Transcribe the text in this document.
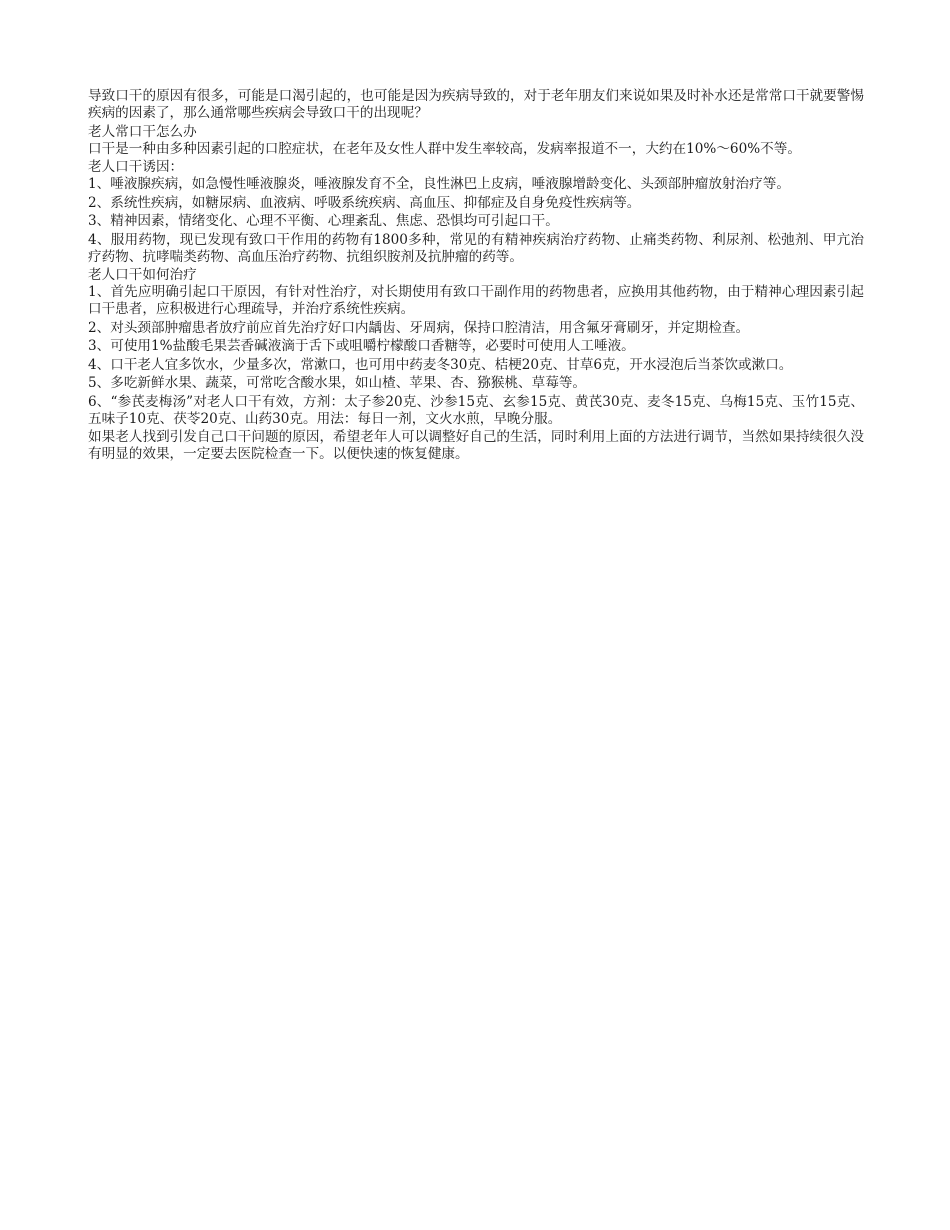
导致口干的原因有很多，可能是口渴引起的，也可能是因为疾病导致的，对于老年朋友们来说如果及时补水还是常常口干就要警惕疾病的因素了，那么通常哪些疾病会导致口干的出现呢？

老人常口干怎么办

口干是一种由多种因素引起的口腔症状，在老年及女性人群中发生率较高，发病率报道不一，大约在10%～60%不等。

老人口干诱因：

1、唾液腺疾病，如急慢性唾液腺炎，唾液腺发育不全，良性淋巴上皮病，唾液腺增龄变化、头颈部肿瘤放射治疗等。

2、系统性疾病，如糖尿病、血液病、呼吸系统疾病、高血压、抑郁症及自身免疫性疾病等。

3、精神因素，情绪变化、心理不平衡、心理紊乱、焦虑、恐惧均可引起口干。

4、服用药物，现已发现有致口干作用的药物有1800多种，常见的有精神疾病治疗药物、止痛类药物、利尿剂、松弛剂、甲亢治疗药物、抗哮喘类药物、高血压治疗药物、抗组织胺剂及抗肿瘤的药等。

老人口干如何治疗

1、首先应明确引起口干原因，有针对性治疗，对长期使用有致口干副作用的药物患者，应换用其他药物，由于精神心理因素引起口干患者，应积极进行心理疏导，并治疗系统性疾病。

2、对头颈部肿瘤患者放疗前应首先治疗好口内龋齿、牙周病，保持口腔清洁，用含氟牙膏刷牙，并定期检查。

3、可使用1%盐酸毛果芸香碱液滴于舌下或咀嚼柠檬酸口香糖等，必要时可使用人工唾液。

4、口干老人宜多饮水，少量多次，常漱口，也可用中药麦冬30克、桔梗20克、甘草6克，开水浸泡后当茶饮或漱口。

5、多吃新鲜水果、蔬菜，可常吃含酸水果，如山楂、苹果、杏、猕猴桃、草莓等。

6、“参芪麦梅汤”对老人口干有效，方剂：太子参20克、沙参15克、玄参15克、黄芪30克、麦冬15克、乌梅15克、玉竹15克、五味子10克、茯苓20克、山药30克。用法：每日一剂，文火水煎，早晚分服。

如果老人找到引发自己口干问题的原因，希望老年人可以调整好自己的生活，同时利用上面的方法进行调节，当然如果持续很久没有明显的效果，一定要去医院检查一下。以便快速的恢复健康。
